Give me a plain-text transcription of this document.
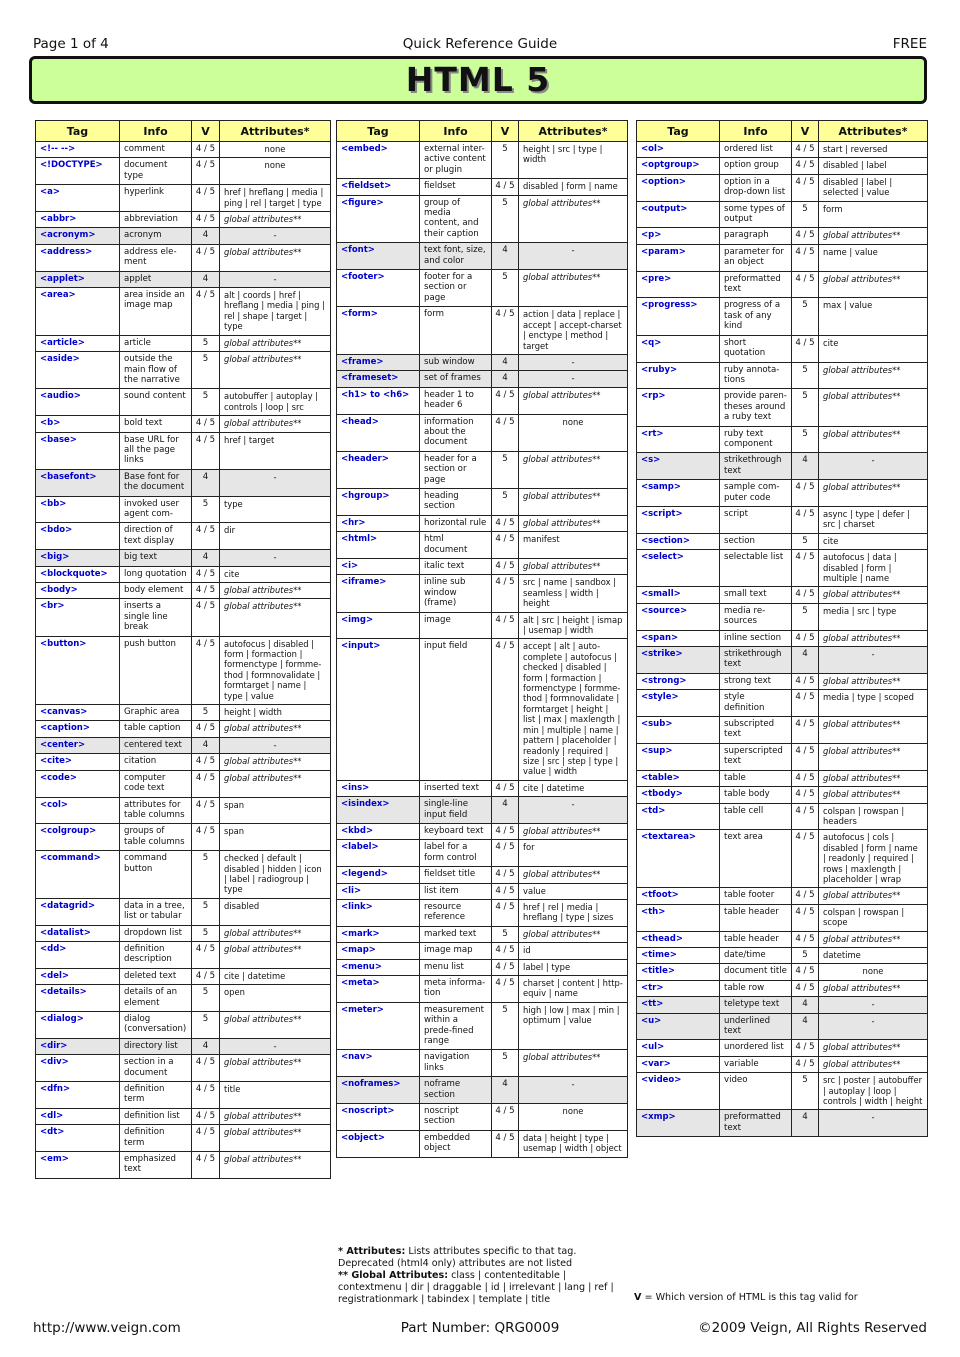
Page 1 of 4	Quick Reference Guide	FREE
HTML 5
Tag	Info	V	Attributes*
<!-- -->	comment	4 / 5	none
<!DOCTYPE>	document type	4 / 5	none
<a>	hyperlink	4 / 5	href | hreflang | media | ping | rel | target | type
<abbr>	abbreviation	4 / 5	global attributes**
<acronym>	acronym	4	-
<address>	address ele-ment	4 / 5	global attributes**
<applet>	applet	4	-
<area>	area inside an image map	4 / 5	alt | coords | href | hreflang | media | ping | rel | shape | target | type
<article>	article	5	global attributes**
<aside>	outside the main flow of the narrative	5	global attributes**
<audio>	sound content	5	autobuffer | autoplay | controls | loop | src
<b>	bold text	4 / 5	global attributes**
<base>	base URL for all the page links	4 / 5	href | target
<basefont>	Base font for the document	4	-
<bb>	invoked user agent com-	5	type
<bdo>	direction of text display	4 / 5	dir
<big>	big text	4	-
<blockquote>	long quotation	4 / 5	cite
<body>	body element	4 / 5	global attributes**
<br>	inserts a single line break	4 / 5	global attributes**
<button>	push button	4 / 5	autofocus | disabled | form | formaction | formenctype | formme-thod | formnovalidate | formtarget | name | type | value
<canvas>	Graphic area	5	height | width
<caption>	table caption	4 / 5	global attributes**
<center>	centered text	4	-
<cite>	citation	4 / 5	global attributes**
<code>	computer code text	4 / 5	global attributes**
<col>	attributes for table columns	4 / 5	span
<colgroup>	groups of table columns	4 / 5	span
<command>	command button	5	checked | default | disabled | hidden | icon | label | radiogroup | type
<datagrid>	data in a tree, list or tabular	5	disabled
<datalist>	dropdown list	5	global attributes**
<dd>	definition description	4 / 5	global attributes**
<del>	deleted text	4 / 5	cite | datetime
<details>	details of an element	5	open
<dialog>	dialog (conversation)	5	global attributes**
<dir>	directory list	4	-
<div>	section in a document	4 / 5	global attributes**
<dfn>	definition term	4 / 5	title
<dl>	definition list	4 / 5	global attributes**
<dt>	definition term	4 / 5	global attributes**
<em>	emphasized text	4 / 5	global attributes**
Tag	Info	V	Attributes*
<embed>	external inter-active content or plugin	5	height | src | type | width
<fieldset>	fieldset	4 / 5	disabled | form | name
<figure>	group of media content, and their caption	5	global attributes**
<font>	text font, size, and color	4	-
<footer>	footer for a section or page	5	global attributes**
<form>	form	4 / 5	action | data | replace | accept | accept-charset | enctype | method | target
<frame>	sub window	4	-
<frameset>	set of frames	4	-
<h1> to <h6>	header 1 to header 6	4 / 5	global attributes**
<head>	information about the document	4 / 5	none
<header>	header for a section or page	5	global attributes**
<hgroup>	heading section	5	global attributes**
<hr>	horizontal rule	4 / 5	global attributes**
<html>	html document	4 / 5	manifest
<i>	italic text	4 / 5	global attributes**
<iframe>	inline sub window (frame)	4 / 5	src | name | sandbox | seamless | width | height
<img>	image	4 / 5	alt | src | height | ismap | usemap | width
<input>	input field	4 / 5	accept | alt | auto-complete | autofocus | checked | disabled | form | formaction | formenctype | formme-thod | formnovalidate | formtarget | height | list | max | maxlength | min | multiple | name | pattern | placeholder | readonly | required | size | src | step | type | value | width
<ins>	inserted text	4 / 5	cite | datetime
<isindex>	single-line input field	4	-
<kbd>	keyboard text	4 / 5	global attributes**
<label>	label for a form control	4 / 5	for
<legend>	fieldset title	4 / 5	global attributes**
<li>	list item	4 / 5	value
<link>	resource reference	4 / 5	href | rel | media | hreflang | type | sizes
<mark>	marked text	5	global attributes**
<map>	image map	4 / 5	id
<menu>	menu list	4 / 5	label | type
<meta>	meta informa-tion	4 / 5	charset | content | http-equiv | name
<meter>	measurement within a prede-fined range	5	high | low | max | min | optimum | value
<nav>	navigation links	5	global attributes**
<noframes>	noframe section	4	-
<noscript>	noscript section	4 / 5	none
<object>	embedded object	4 / 5	data | height | type | usemap | width | object
Tag	Info	V	Attributes*
<ol>	ordered list	4 / 5	start | reversed
<optgroup>	option group	4 / 5	disabled | label
<option>	option in a drop-down list	4 / 5	disabled | label | selected | value
<output>	some types of output	5	form
<p>	paragraph	4 / 5	global attributes**
<param>	parameter for an object	4 / 5	name | value
<pre>	preformatted text	4 / 5	global attributes**
<progress>	progress of a task of any kind	5	max | value
<q>	short quotation	4 / 5	cite
<ruby>	ruby annota-tions	5	global attributes**
<rp>	provide paren-theses around a ruby text	5	global attributes**
<rt>	ruby text component	5	global attributes**
<s>	strikethrough text	4	-
<samp>	sample com-puter code	4 / 5	global attributes**
<script>	script	4 / 5	async | type | defer | src | charset
<section>	section	5	cite
<select>	selectable list	4 / 5	autofocus | data | disabled | form | multiple | name
<small>	small text	4 / 5	global attributes**
<source>	media re-sources	5	media | src | type
<span>	inline section	4 / 5	global attributes**
<strike>	strikethrough text	4	-
<strong>	strong text	4 / 5	global attributes**
<style>	style definition	4 / 5	media | type | scoped
<sub>	subscripted text	4 / 5	global attributes**
<sup>	superscripted text	4 / 5	global attributes**
<table>	table	4 / 5	global attributes**
<tbody>	table body	4 / 5	global attributes**
<td>	table cell	4 / 5	colspan | rowspan | headers
<textarea>	text area	4 / 5	autofocus | cols | disabled | form | name | readonly | required | rows | maxlength | placeholder | wrap
<tfoot>	table footer	4 / 5	global attributes**
<th>	table header	4 / 5	colspan | rowspan | scope
<thead>	table header	4 / 5	global attributes**
<time>	date/time	5	datetime
<title>	document title	4 / 5	none
<tr>	table row	4 / 5	global attributes**
<tt>	teletype text	4	-
<u>	underlined text	4	-
<ul>	unordered list	4 / 5	global attributes**
<var>	variable	4 / 5	global attributes**
<video>	video	5	src | poster | autobuffer | autoplay | loop | controls | width | height
<xmp>	preformatted text	4	-
* Attributes: Lists attributes specific to that tag. Deprecated (html4 only) attributes are not listed
** Global Attributes: class | contenteditable | contextmenu | dir | draggable | id | irrelevant | lang | ref | registrationmark | tabindex | template | title	V = Which version of HTML is this tag valid for
http://www.veign.com	Part Number: QRG0009	©2009 Veign, All Rights Reserved
